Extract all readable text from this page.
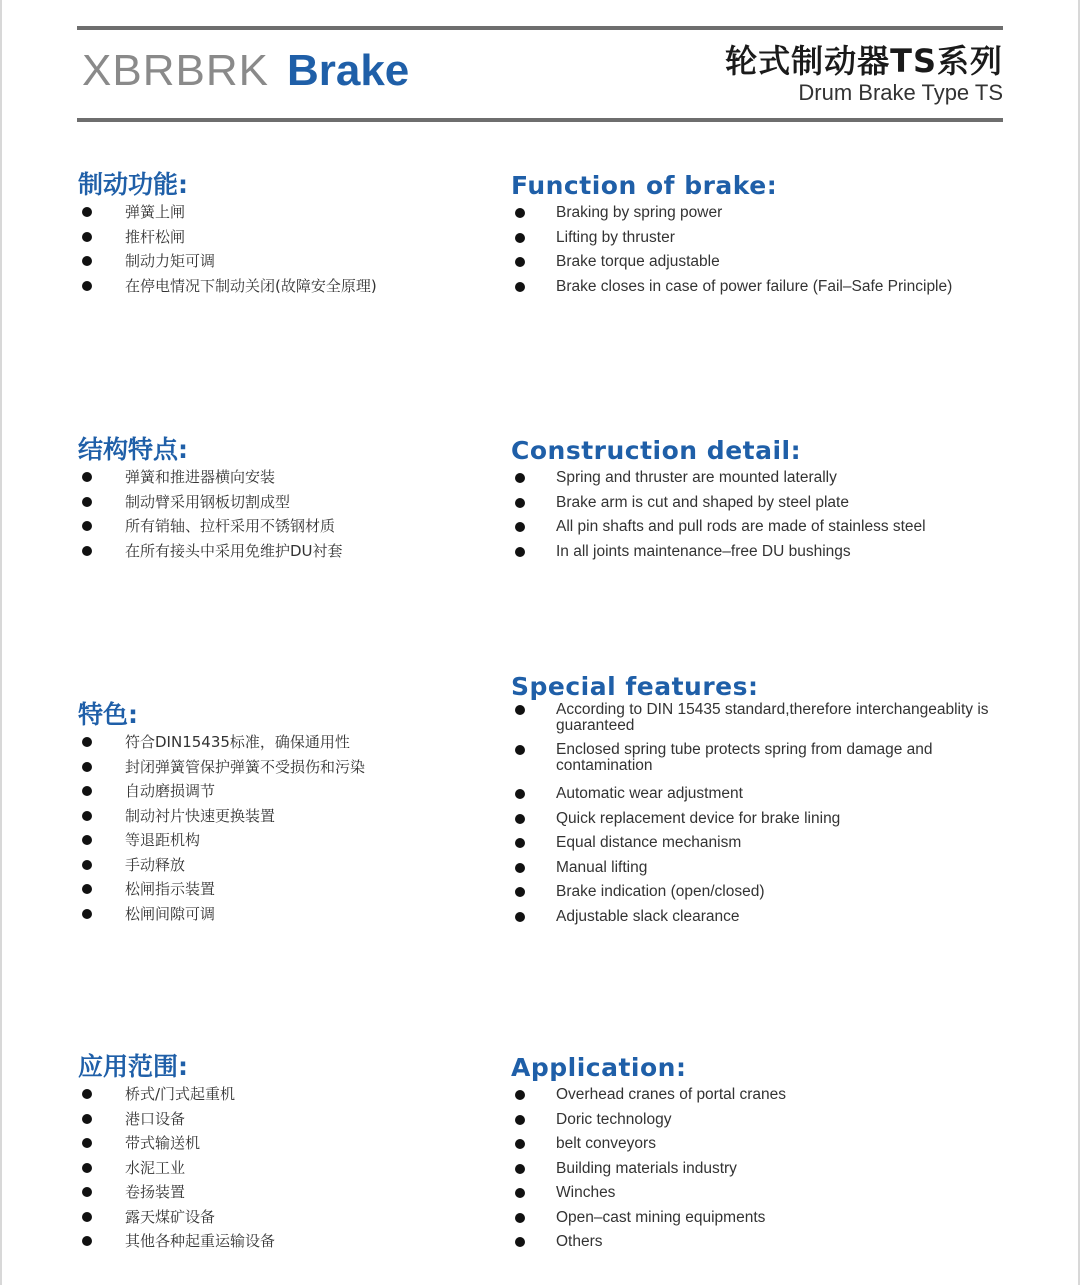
XBRBRK Brake	轮式制动器TS系列
Drum Brake Type TS
制动功能:
弹簧上闸
推杆松闸
制动力矩可调
在停电情况下制动关闭(故障安全原理)
Function of brake:
Braking by spring power
Lifting by thruster
Brake torque adjustable
Brake closes in case of power failure (Fail–Safe Principle)
结构特点:
弹簧和推进器横向安装
制动臂采用钢板切割成型
所有销轴、拉杆采用不锈钢材质
在所有接头中采用免维护DU衬套
Construction detail:
Spring and thruster are mounted laterally
Brake arm is cut and shaped by steel plate
All pin shafts and pull rods are made of stainless steel
In all joints maintenance–free DU bushings
特色:
符合DIN15435标准，确保通用性
封闭弹簧管保护弹簧不受损伤和污染
自动磨损调节
制动衬片快速更换装置
等退距机构
手动释放
松闸指示装置
松闸间隙可调
Special features:
According to DIN 15435 standard,therefore interchangeablity is guaranteed
Enclosed spring tube protects spring from damage and contamination
Automatic wear adjustment
Quick replacement device for brake lining
Equal distance mechanism
Manual lifting
Brake indication (open/closed)
Adjustable slack clearance
应用范围:
桥式/门式起重机
港口设备
带式输送机
水泥工业
卷扬装置
露天煤矿设备
其他各种起重运输设备
Application:
Overhead cranes of portal cranes
Doric technology
belt conveyors
Building materials industry
Winches
Open–cast mining equipments
Others
